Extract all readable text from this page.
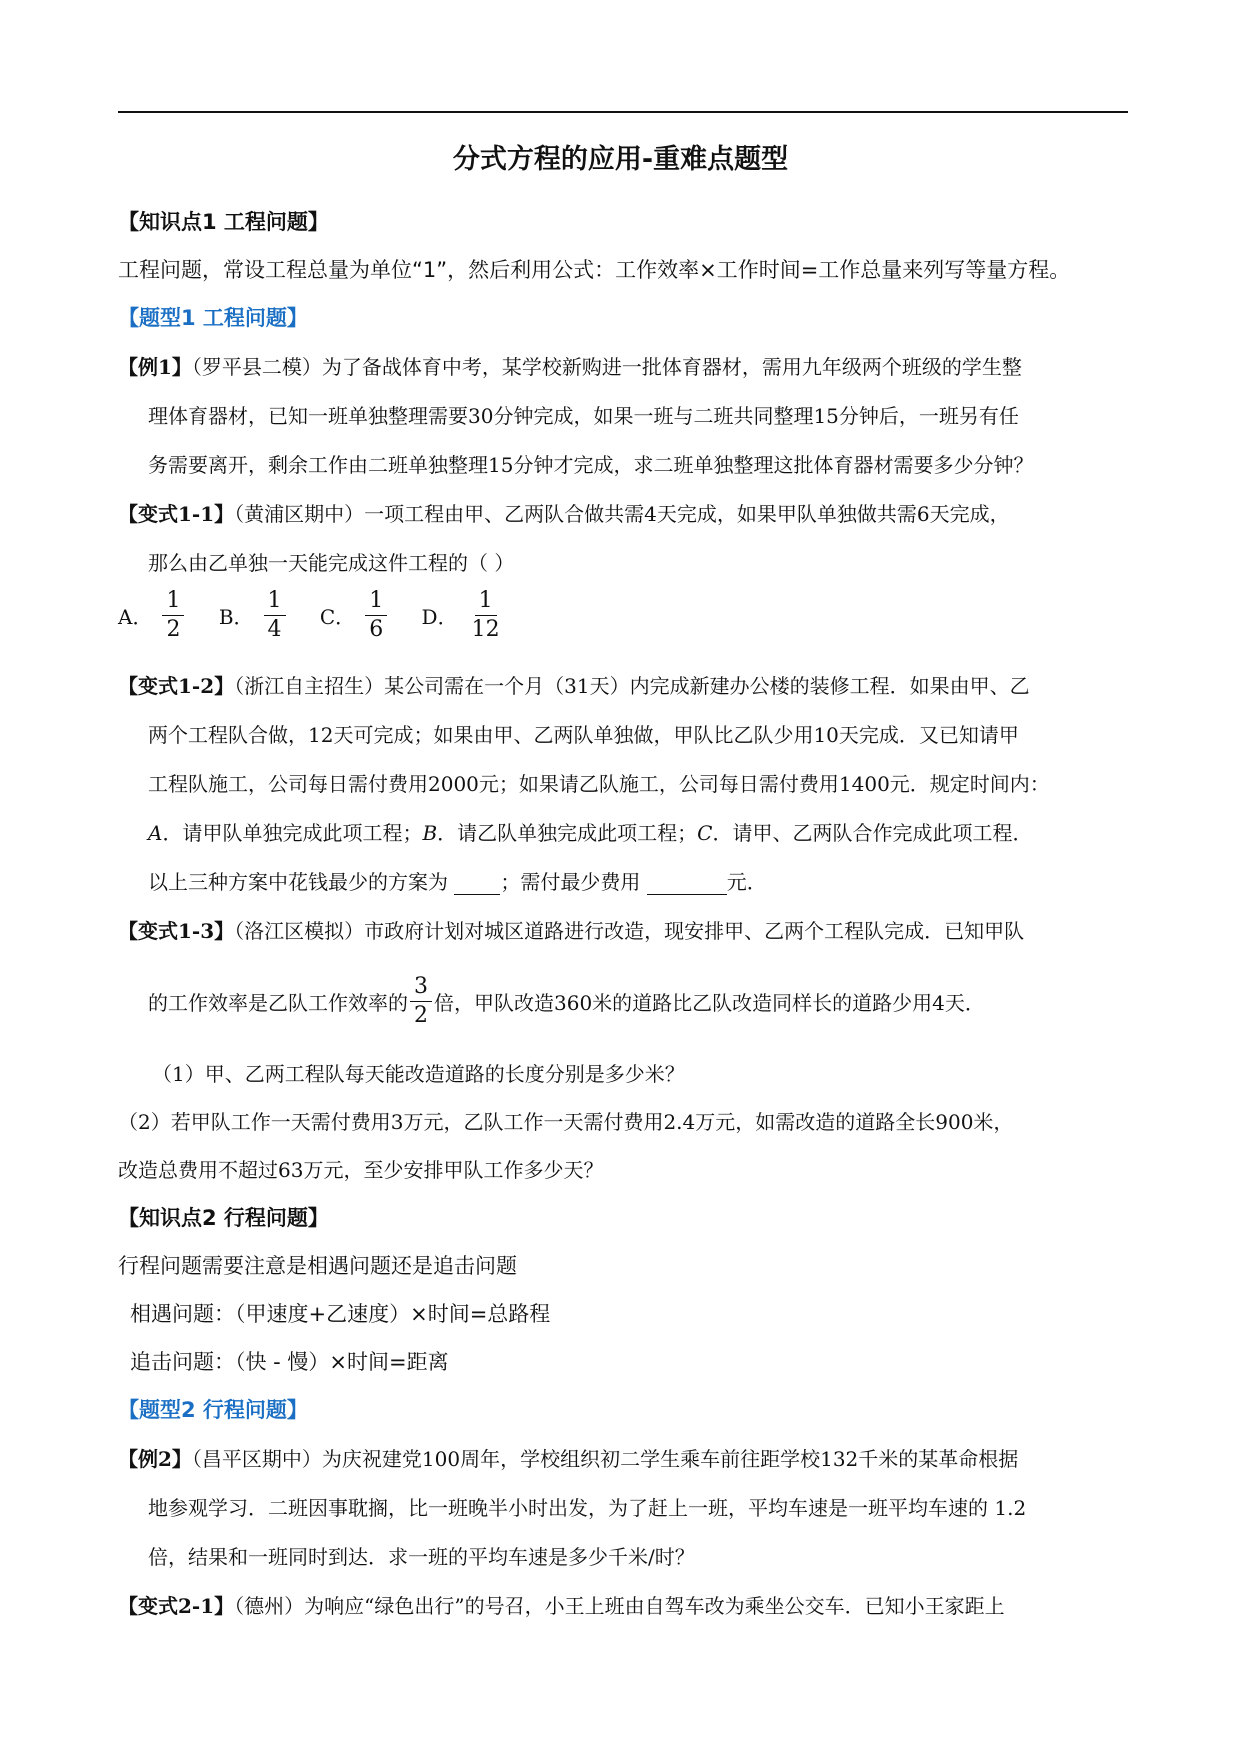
分式方程的应用-重难点题型
【知识点1 工程问题】
工程问题，常设工程总量为单位“1”，然后利用公式：工作效率×工作时间=工作总量来列写等量方程。
【题型1 工程问题】
【例1】（罗平县二模）为了备战体育中考，某学校新购进一批体育器材，需用九年级两个班级的学生整
理体育器材，已知一班单独整理需要30分钟完成，如果一班与二班共同整理15分钟后，一班另有任
务需要离开，剩余工作由二班单独整理15分钟才完成，求二班单独整理这批体育器材需要多少分钟？
【变式1-1】（黄浦区期中）一项工程由甲、乙两队合做共需4天完成，如果甲队单独做共需6天完成，
那么由乙单独一天能完成这件工程的（ ）
A． $\frac{1}{2}$
B． $\frac{1}{4}$
C． $\frac{1}{6}$
D． $\frac{1}{12}$
【变式1-2】（浙江自主招生）某公司需在一个月（31天）内完成新建办公楼的装修工程．如果由甲、乙
两个工程队合做，12天可完成；如果由甲、乙两队单独做，甲队比乙队少用10天完成．又已知请甲
工程队施工，公司每日需付费用2000元；如果请乙队施工，公司每日需付费用1400元．规定时间内：
A．请甲队单独完成此项工程；B．请乙队单独完成此项工程；C．请甲、乙两队合作完成此项工程．
以上三种方案中花钱最少的方案为  ；需付最少费用	元．
【变式1-3】（洛江区模拟）市政府计划对城区道路进行改造，现安排甲、乙两个工程队完成．已知甲队
的工作效率是乙队工作效率的 $\frac{3}{2}$ 倍，甲队改造360米的道路比乙队改造同样长的道路少用4天．
（1）甲、乙两工程队每天能改造道路的长度分别是多少米？
（2）若甲队工作一天需付费用3万元，乙队工作一天需付费用2.4万元，如需改造的道路全长900米，
改造总费用不超过63万元，至少安排甲队工作多少天？
【知识点2 行程问题】
行程问题需要注意是相遇问题还是追击问题
相遇问题：（甲速度+乙速度）×时间=总路程
追击问题：（快 - 慢）×时间=距离
【题型2 行程问题】
【例2】（昌平区期中）为庆祝建党100周年，学校组织初二学生乘车前往距学校132千米的某革命根据
地参观学习．二班因事耽搁，比一班晚半小时出发，为了赶上一班，平均车速是一班平均车速的 1.2
倍，结果和一班同时到达．求一班的平均车速是多少千米/时？
【变式2-1】（德州）为响应“绿色出行”的号召，小王上班由自驾车改为乘坐公交车．已知小王家距上
